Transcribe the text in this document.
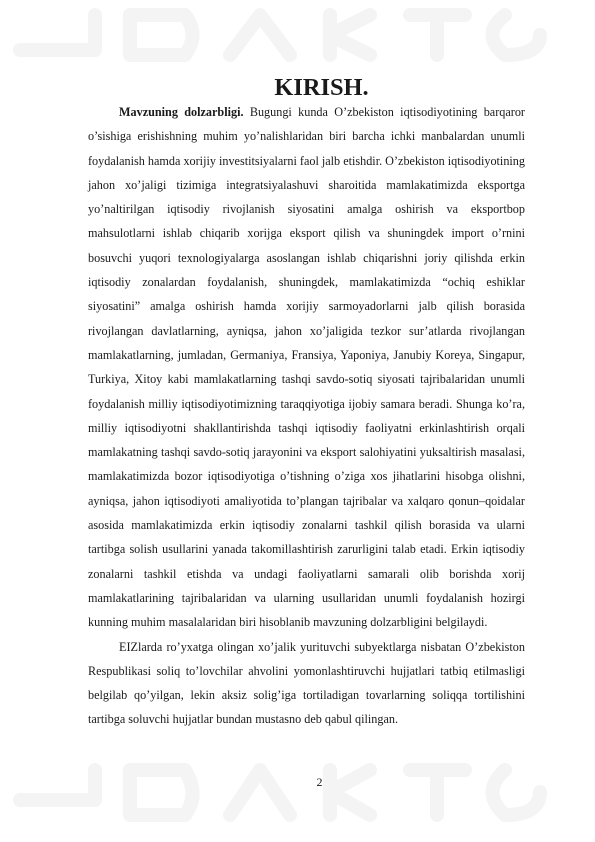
KIRISH.

Mavzuning dolzarbligi. Bugungi kunda O’zbekiston iqtisodiyotining barqaror o’sishiga erishishning muhim yo’nalishlaridan biri barcha ichki manbalardan unumli foydalanish hamda xorijiy investitsiyalarni faol jalb etishdir. O’zbekiston iqtisodiyotining jahon xo’jaligi tizimiga integratsiyalashuvi sharoitida mamlakatimizda eksportga yo’naltirilgan iqtisodiy rivojlanish siyosatini amalga oshirish va eksportbop mahsulotlarni ishlab chiqarib xorijga eksport qilish va shuningdek import o’rnini bosuvchi yuqori texnologiyalarga asoslangan ishlab chiqarishni joriy qilishda erkin iqtisodiy zonalardan foydalanish, shuningdek, mamlakatimizda “ochiq eshiklar siyosatini” amalga oshirish hamda xorijiy sarmoyadorlarni jalb qilish borasida rivojlangan davlatlarning, ayniqsa, jahon xo’jaligida tezkor sur’atlarda rivojlangan mamlakatlarning, jumladan, Germaniya, Fransiya, Yaponiya, Janubiy Koreya, Singapur, Turkiya, Xitoy kabi mamlakatlarning tashqi savdo-sotiq siyosati tajribalaridan unumli foydalanish milliy iqtisodiyotimizning taraqqiyotiga ijobiy samara beradi. Shunga ko’ra, milliy iqtisodiyotni shakllantirishda tashqi iqtisodiy faoliyatni erkinlashtirish orqali mamlakatning tashqi savdo-sotiq jarayonini va eksport salohiyatini yuksaltirish masalasi, mamlakatimizda bozor iqtisodiyotiga o’tishning o’ziga xos jihatlarini hisobga olishni, ayniqsa, jahon iqtisodiyoti amaliyotida to’plangan tajribalar va xalqaro qonun–qoidalar asosida mamlakatimizda erkin iqtisodiy zonalarni tashkil qilish borasida va ularni tartibga solish usullarini yanada takomillashtirish zarurligini talab etadi. Erkin iqtisodiy zonalarni tashkil etishda va undagi faoliyatlarni samarali olib borishda xorij mamlakatlarining tajribalaridan va ularning usullaridan unumli foydalanish hozirgi kunning muhim masalalaridan biri hisoblanib mavzuning dolzarbligini belgilaydi.

EIZlarda ro’yxatga olingan xo’jalik yurituvchi subyektlarga nisbatan O’zbekiston Respublikasi soliq to’lovchilar ahvolini yomonlashtiruvchi hujjatlari tatbiq etilmasligi belgilab qo’yilgan, lekin aksiz solig’iga tortiladigan tovarlarning soliqqa tortilishini tartibga soluvchi hujjatlar bundan mustasno deb qabul qilingan.

2
